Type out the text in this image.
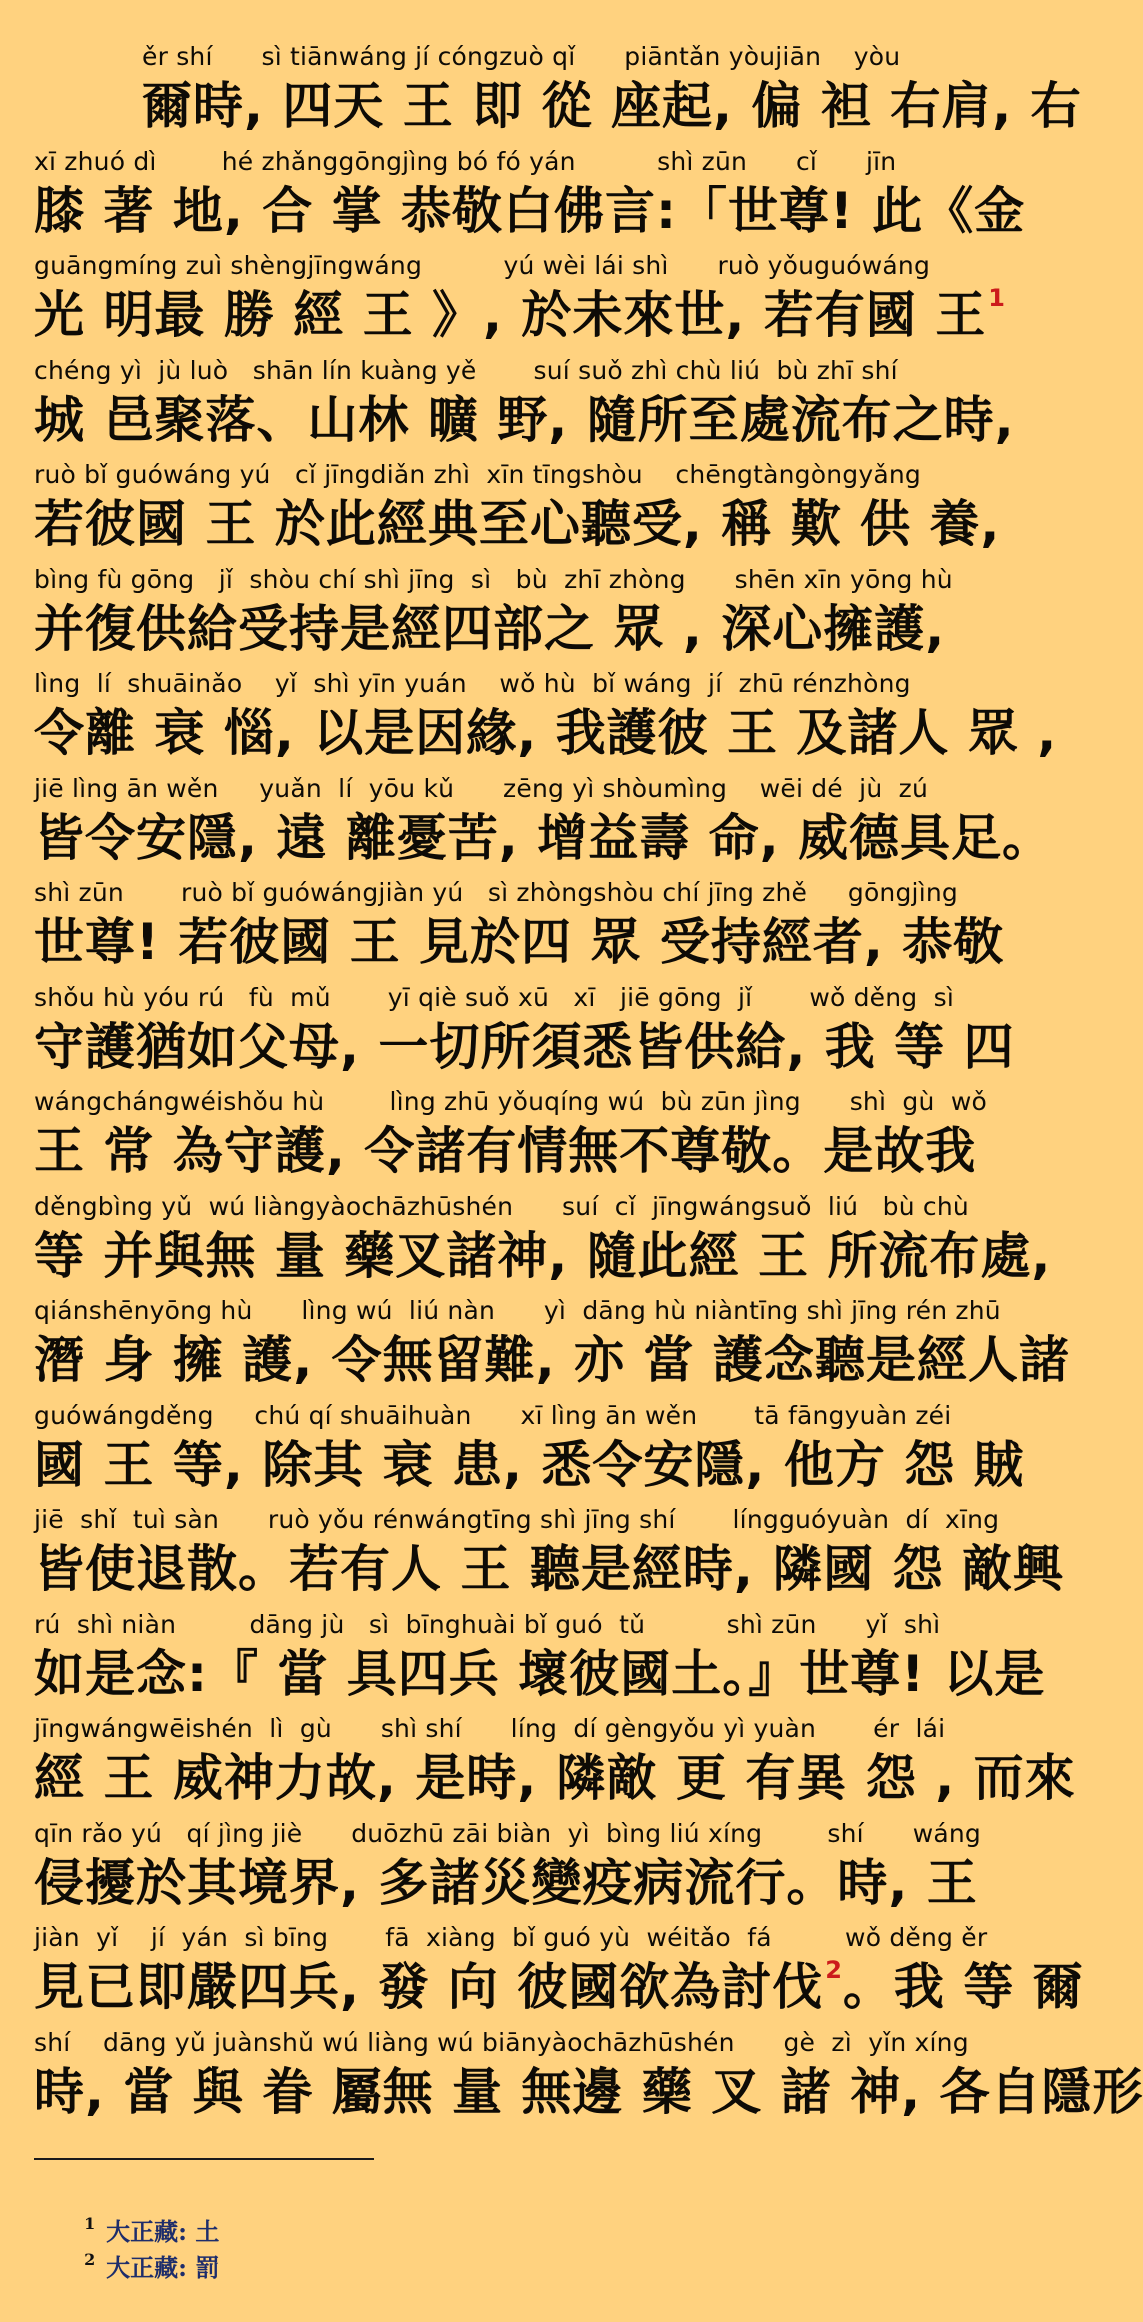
ěr shí      sì tiānwáng jí cóngzuò qǐ      piāntǎn yòujiān    yòu
爾時, 四天 王 即 從 座起, 偏 袒 右肩, 右
xī zhuó dì        hé zhǎnggōngjìng bó fó yán          shì zūn      cǐ      jīn
膝 著 地, 合 掌 恭敬白佛言:「世尊! 此《金
guāngmíng zuì shèngjīngwáng          yú wèi lái shì      ruò yǒuguówáng
光 明最 勝 經 王 》, 於未來世, 若有國 王$^1$
chéng yì  jù luò   shān lín kuàng yě       suí suǒ zhì chù liú  bù zhī shí
城 邑聚落、山林 曠 野, 隨所至處流布之時,
ruò bǐ guówáng yú   cǐ jīngdiǎn zhì  xīn tīngshòu    chēngtàngòngyǎng
若彼國 王 於此經典至心聽受, 稱 歎 供 養,
bìng fù gōng   jǐ  shòu chí shì jīng  sì   bù  zhī zhòng      shēn xīn yōng hù
并復供給受持是經四部之 眾 , 深心擁護,
lìng  lí  shuāinǎo    yǐ  shì yīn yuán    wǒ hù  bǐ wáng  jí  zhū rénzhòng
令離 衰 惱, 以是因緣, 我護彼 王 及諸人 眾 ,
jiē lìng ān wěn     yuǎn  lí  yōu kǔ      zēng yì shòumìng    wēi dé  jù  zú
皆令安隱, 遠 離憂苦, 增益壽 命, 威德具足。
shì zūn       ruò bǐ guówángjiàn yú   sì zhòngshòu chí jīng zhě     gōngjìng
世尊! 若彼國 王 見於四 眾 受持經者, 恭敬
shǒu hù yóu rú   fù  mǔ       yī qiè suǒ xū   xī   jiē gōng  jǐ       wǒ děng  sì
守護猶如父母, 一切所須悉皆供給, 我 等 四
wángchángwéishǒu hù        lìng zhū yǒuqíng wú  bù zūn jìng      shì  gù  wǒ
王 常 為守護, 令諸有情無不尊敬。是故我
děngbìng yǔ  wú liàngyàochāzhūshén      suí  cǐ  jīngwángsuǒ  liú   bù chù
等 并與無 量 藥叉諸神, 隨此經 王 所流布處,
qiánshēnyōng hù      lìng wú  liú nàn      yì  dāng hù niàntīng shì jīng rén zhū
潛 身 擁 護, 令無留難, 亦 當 護念聽是經人諸
guówángděng     chú qí shuāihuàn      xī lìng ān wěn       tā fāngyuàn zéi
國 王 等, 除其 衰 患, 悉令安隱, 他方 怨 賊
jiē  shǐ  tuì sàn      ruò yǒu rénwángtīng shì jīng shí       língguóyuàn  dí  xīng
皆使退散。若有人 王 聽是經時, 隣國 怨 敵興
rú  shì niàn         dāng jù   sì  bīnghuài bǐ guó  tǔ          shì zūn      yǐ  shì
如是念:『 當 具四兵 壞彼國土。』世尊! 以是
jīngwángwēishén  lì  gù      shì shí      líng  dí gèngyǒu yì yuàn       ér  lái
經 王 威神力故, 是時, 隣敵 更 有異 怨 , 而來
qīn rǎo yú   qí jìng jiè      duōzhū zāi biàn  yì  bìng liú xíng        shí      wáng
侵擾於其境界, 多諸災變疫病流行。時, 王
jiàn  yǐ    jí  yán  sì bīng       fā  xiàng  bǐ guó yù  wéitǎo  fá         wǒ děng ěr
見已即嚴四兵, 發 向 彼國欲為討伐$^2$。我 等 爾
shí    dāng yǔ juànshǔ wú liàng wú biānyàochāzhūshén      gè  zì  yǐn xíng
時, 當 與 眷 屬無 量 無邊 藥 叉 諸 神, 各自隱形

1 大正藏: 土

2 大正藏: 罰
